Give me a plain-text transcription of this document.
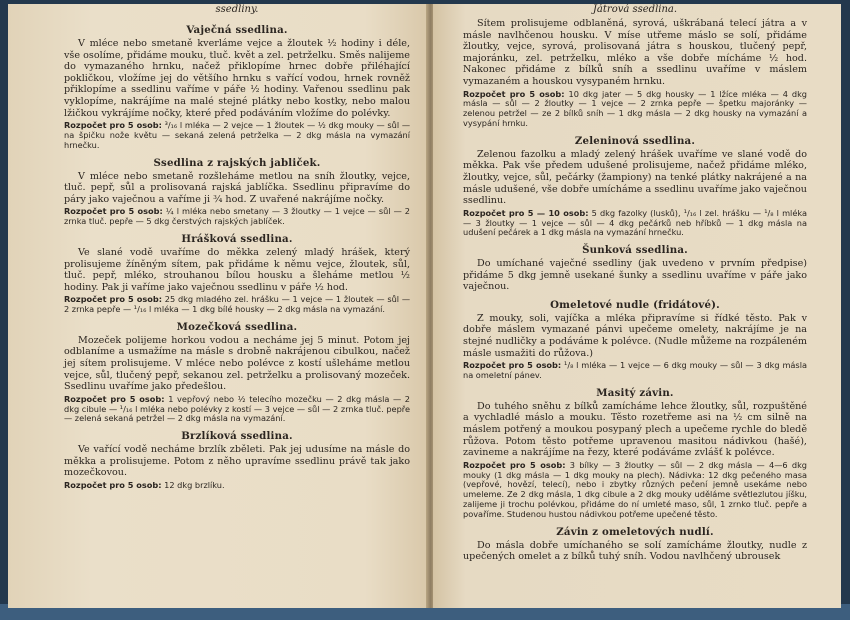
ssedliny.
Vaječná ssedlina.

V mléce nebo smetaně kverláme vejce a žloutek ½ hodiny i déle, vše osolíme, přidáme mouku, tluč. květ a zel. petrželku. Směs nalijeme do vymazaného hrnku, načež přiklopíme hrnec dobře přiléhající pokličkou, vložíme jej do většího hrnku s vařící vodou, hrnek rovněž přiklopíme a ssedlinu vaříme v páře ½ hodiny. Vařenou ssedlinu pak vyklopíme, nakrájíme na malé stejné plátky nebo kostky, nebo malou lžičkou vykrájíme nočky, které před podáváním vložíme do polévky.

Rozpočet pro 5 osob: ³/₁₆ l mléka — 2 vejce — 1 žloutek — ½ dkg mouky — sůl — na špičku nože květu — sekaná zelená petrželka — 2 dkg másla na vymazání hrnečku.

Ssedlina z rajských jabliček.

V mléce nebo smetaně rozšleháme metlou na sníh žloutky, vejce, tluč. pepř, sůl a prolisovaná rajská jablíčka. Ssedlinu připravíme do páry jako vaječnou a vaříme ji ¾ hod. Z uvařené nakrájíme nočky.

Rozpočet pro 5 osob: ¼ l mléka nebo smetany — 3 žloutky — 1 vejce — sůl — 2 zrnka tluč. pepře — 5 dkg čerstvých rajských jablíček.

Hrášková ssedlina.

Ve slané vodě uvaříme do měkka zelený mladý hrášek, který prolisujeme žíněným sítem, pak přidáme k němu vejce, žloutek, sůl, tluč. pepř, mléko, strouhanou bílou housku a šleháme metlou ½ hodiny. Pak ji vaříme jako vaječnou ssedlinu v páře ½ hod.

Rozpočet pro 5 osob: 25 dkg mladého zel. hrášku — 1 vejce — 1 žloutek — sůl — 2 zrnka pepře — ¹/₁₆ l mléka — 1 dkg bílé housky — 2 dkg másla na vymazání.

Mozečková ssedlina.

Mozeček polijeme horkou vodou a necháme jej 5 minut. Potom jej odblaníme a usmažíme na másle s drobně nakrájenou cibulkou, načež jej sítem prolisujeme. V mléce nebo polévce z kostí ušleháme metlou vejce, sůl, tlučený pepř, sekanou zel. petrželku a prolisovaný mozeček. Ssedlinu uvaříme jako předešlou.

Rozpočet pro 5 osob: 1 vepřový nebo ½ telecího mozečku — 2 dkg másla — 2 dkg cibule — ¹/₁₆ l mléka nebo polévky z kostí — 3 vejce — sůl — 2 zrnka tluč. pepře — zelená sekaná petržel — 2 dkg másla na vymazání.

Brzlíková ssedlina.

Ve vařící vodě necháme brzlík zběleti. Pak jej udusíme na másle do měkka a prolisujeme. Potom z něho upravíme ssedlinu právě tak jako mozečkovou.

Rozpočet pro 5 osob: 12 dkg brzlíku.

Játrová ssedlina.

Sítem prolisujeme odblaněná, syrová, uškrábaná telecí játra a v másle navlhčenou housku. V míse utřeme máslo se solí, přidáme žloutky, vejce, syrová, prolisovaná játra s houskou, tlučený pepř, majoránku, zel. petrželku, mléko a vše dobře mícháme ½ hod. Nakonec přidáme z bílků sníh a ssedlinu uvaříme v máslem vymazaném a houskou vysypaném hrnku.

Rozpočet pro 5 osob: 10 dkg jater — 5 dkg housky — 1 lžíce mléka — 4 dkg másla — sůl — 2 žloutky — 1 vejce — 2 zrnka pepře — špetku majoránky — zelenou petržel — ze 2 bílků sníh — 1 dkg másla — 2 dkg housky na vymazání a vysypání hrnku.

Zeleninová ssedlina.

Zelenou fazolku a mladý zelený hrášek uvaříme ve slané vodě do měkka. Pak vše předem udušené prolisujeme, načež přidáme mléko, žloutky, vejce, sůl, pečárky (žampiony) na tenké plátky nakrájené a na másle udušené, vše dobře umícháme a ssedlinu uvaříme jako vaječnou ssedlinu.

Rozpočet pro 5 — 10 osob: 5 dkg fazolky (lusků), ¹/₁₆ l zel. hrášku — ¹/₈ l mléka — 3 žloutky — 1 vejce — sůl — 4 dkg pečárků neb hříbků — 1 dkg másla na udušení pečárek a 1 dkg másla na vymazání hrnečku.

Šunková ssedlina.

Do umíchané vaječné ssedliny (jak uvedeno v prvním předpise) přidáme 5 dkg jemně usekané šunky a ssedlinu uvaříme v páře jako vaječnou.

Omeletové nudle (fridátové).

Z mouky, soli, vajíčka a mléka připravíme si řídké těsto. Pak v dobře máslem vymazané pánvi upečeme omelety, nakrájíme je na stejné nudličky a podáváme k polévce. (Nudle můžeme na rozpáleném másle usmažiti do růžova.)

Rozpočet pro 5 osob: ¹/₈ l mléka — 1 vejce — 6 dkg mouky — sůl — 3 dkg másla na omeletní pánev.

Masitý závin.

Do tuhého sněhu z bílků zamícháme lehce žloutky, sůl, rozpuštěné a vychladlé máslo a mouku. Těsto rozetřeme asi na ½ cm silně na máslem potřený a moukou posypaný plech a upečeme rychle do bledě růžova. Potom těsto potřeme upravenou masitou nádivkou (hašé), zavineme a nakrájíme na řezy, které podáváme zvlášť k polévce.

Rozpočet pro 5 osob: 3 bílky — 3 žloutky — sůl — 2 dkg másla — 4—6 dkg mouky (1 dkg másla — 1 dkg mouky na plech). Nádivka: 12 dkg pečeného masa (vepřové, hovězí, telecí), nebo i zbytky různých pečení jemně usekáme nebo umeleme. Ze 2 dkg másla, 1 dkg cibule a 2 dkg mouky uděláme světlezlutou jíšku, zalijeme ji trochu polévkou, přidáme do ní umleté maso, sůl, 1 zrnko tluč. pepře a povaříme. Studenou hustou nádivkou potřeme upečené těsto.

Závin z omeletových nudlí.

Do másla dobře umíchaného se solí zamícháme žloutky, nudle z upečených omelet a z bílků tuhý sníh. Vodou navlhčený ubrousek
